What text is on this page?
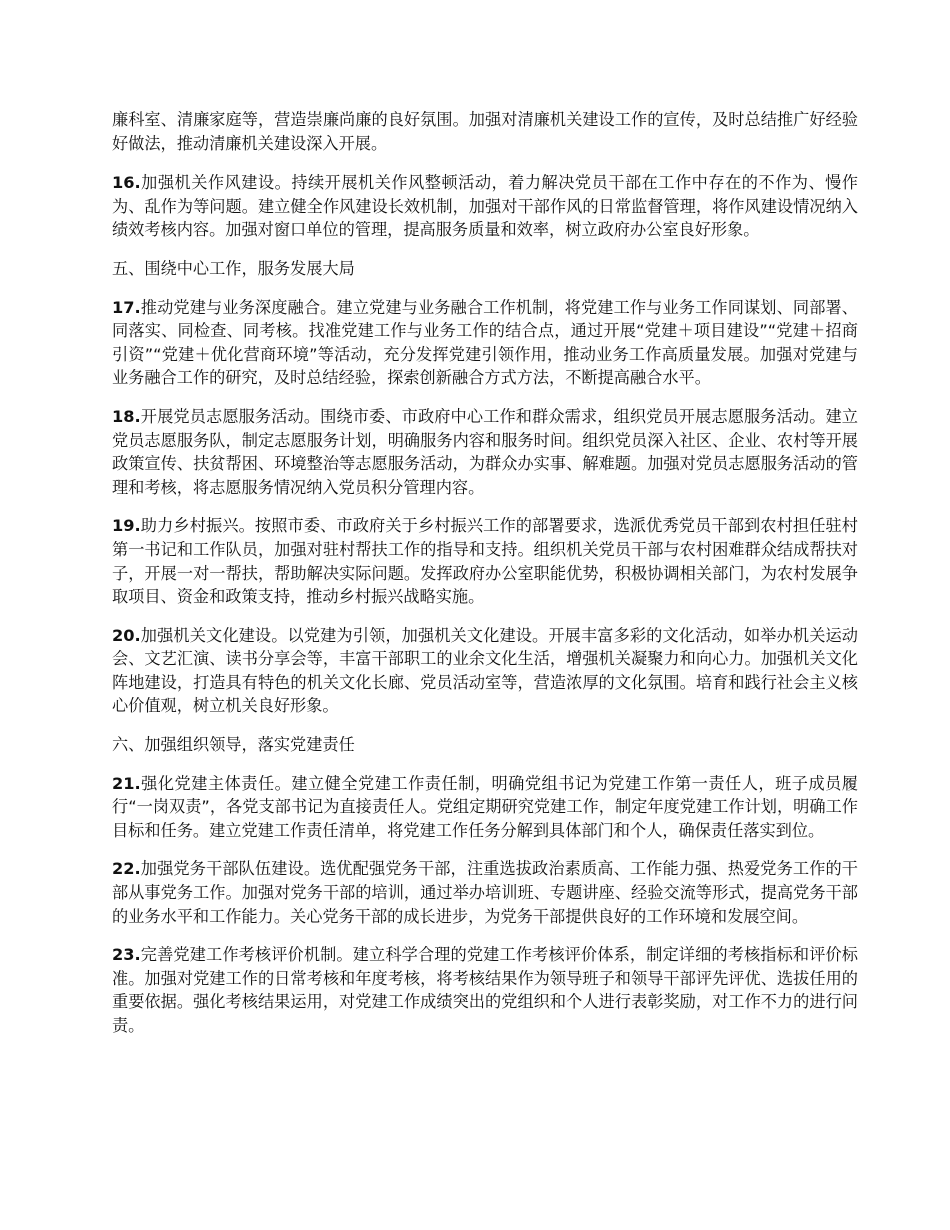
廉科室、清廉家庭等，营造崇廉尚廉的良好氛围。加强对清廉机关建设工作的宣传，及时总结推广好经验好做法，推动清廉机关建设深入开展。

16.加强机关作风建设。持续开展机关作风整顿活动，着力解决党员干部在工作中存在的不作为、慢作为、乱作为等问题。建立健全作风建设长效机制，加强对干部作风的日常监督管理，将作风建设情况纳入绩效考核内容。加强对窗口单位的管理，提高服务质量和效率，树立政府办公室良好形象。

五、围绕中心工作，服务发展大局

17.推动党建与业务深度融合。建立党建与业务融合工作机制，将党建工作与业务工作同谋划、同部署、同落实、同检查、同考核。找准党建工作与业务工作的结合点，通过开展“党建＋项目建设”“党建＋招商引资”“党建＋优化营商环境”等活动，充分发挥党建引领作用，推动业务工作高质量发展。加强对党建与业务融合工作的研究，及时总结经验，探索创新融合方式方法，不断提高融合水平。

18.开展党员志愿服务活动。围绕市委、市政府中心工作和群众需求，组织党员开展志愿服务活动。建立党员志愿服务队，制定志愿服务计划，明确服务内容和服务时间。组织党员深入社区、企业、农村等开展政策宣传、扶贫帮困、环境整治等志愿服务活动，为群众办实事、解难题。加强对党员志愿服务活动的管理和考核，将志愿服务情况纳入党员积分管理内容。

19.助力乡村振兴。按照市委、市政府关于乡村振兴工作的部署要求，选派优秀党员干部到农村担任驻村第一书记和工作队员，加强对驻村帮扶工作的指导和支持。组织机关党员干部与农村困难群众结成帮扶对子，开展一对一帮扶，帮助解决实际问题。发挥政府办公室职能优势，积极协调相关部门，为农村发展争取项目、资金和政策支持，推动乡村振兴战略实施。

20.加强机关文化建设。以党建为引领，加强机关文化建设。开展丰富多彩的文化活动，如举办机关运动会、文艺汇演、读书分享会等，丰富干部职工的业余文化生活，增强机关凝聚力和向心力。加强机关文化阵地建设，打造具有特色的机关文化长廊、党员活动室等，营造浓厚的文化氛围。培育和践行社会主义核心价值观，树立机关良好形象。

六、加强组织领导，落实党建责任

21.强化党建主体责任。建立健全党建工作责任制，明确党组书记为党建工作第一责任人，班子成员履行“一岗双责”，各党支部书记为直接责任人。党组定期研究党建工作，制定年度党建工作计划，明确工作目标和任务。建立党建工作责任清单，将党建工作任务分解到具体部门和个人，确保责任落实到位。

22.加强党务干部队伍建设。选优配强党务干部，注重选拔政治素质高、工作能力强、热爱党务工作的干部从事党务工作。加强对党务干部的培训，通过举办培训班、专题讲座、经验交流等形式，提高党务干部的业务水平和工作能力。关心党务干部的成长进步，为党务干部提供良好的工作环境和发展空间。

23.完善党建工作考核评价机制。建立科学合理的党建工作考核评价体系，制定详细的考核指标和评价标准。加强对党建工作的日常考核和年度考核，将考核结果作为领导班子和领导干部评先评优、选拔任用的重要依据。强化考核结果运用，对党建工作成绩突出的党组织和个人进行表彰奖励，对工作不力的进行问责。
